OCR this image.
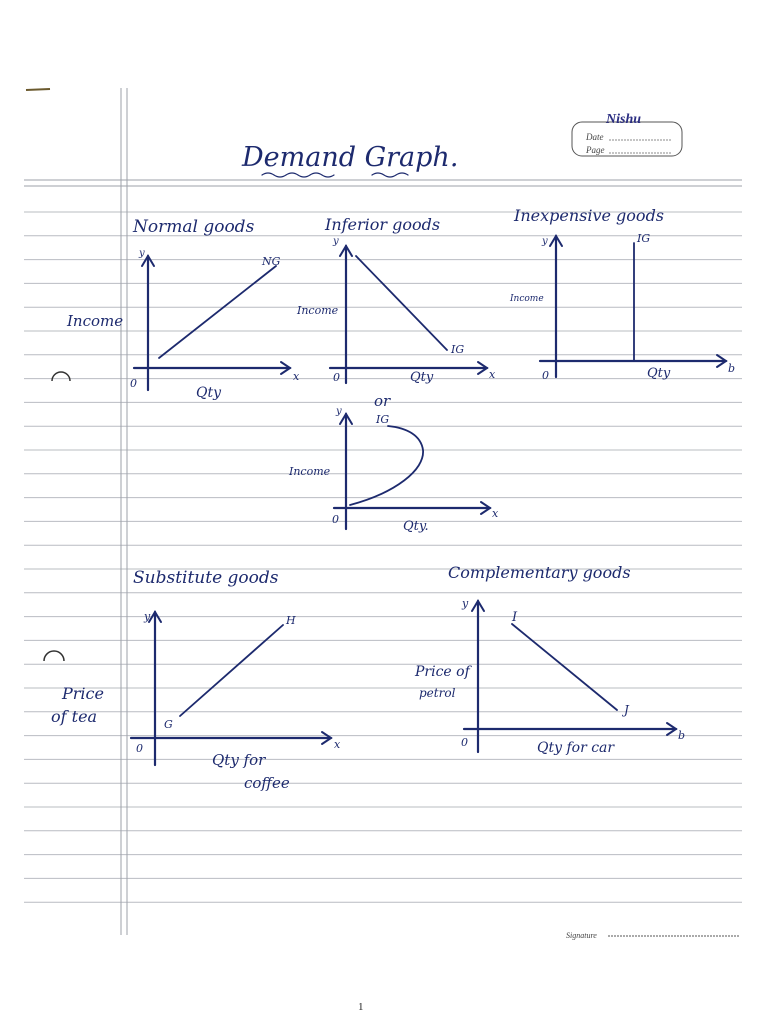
Nishu
Date
Page
Demand Graph.
Normal goods
y
x
0
Income
Qty
NG
Inferior goods
y
x
0
Income
Qty
IG
Inexpensive goods
y
b
0
Income
Qty
IG
or
y
x
0
Income
Qty.
IG
Substitute goods
y
x
0
Price
of tea
Qty for
coffee
G
H
Complementary goods
y
b
0
Price of
petrol
Qty for car
I
J
Signature
1
